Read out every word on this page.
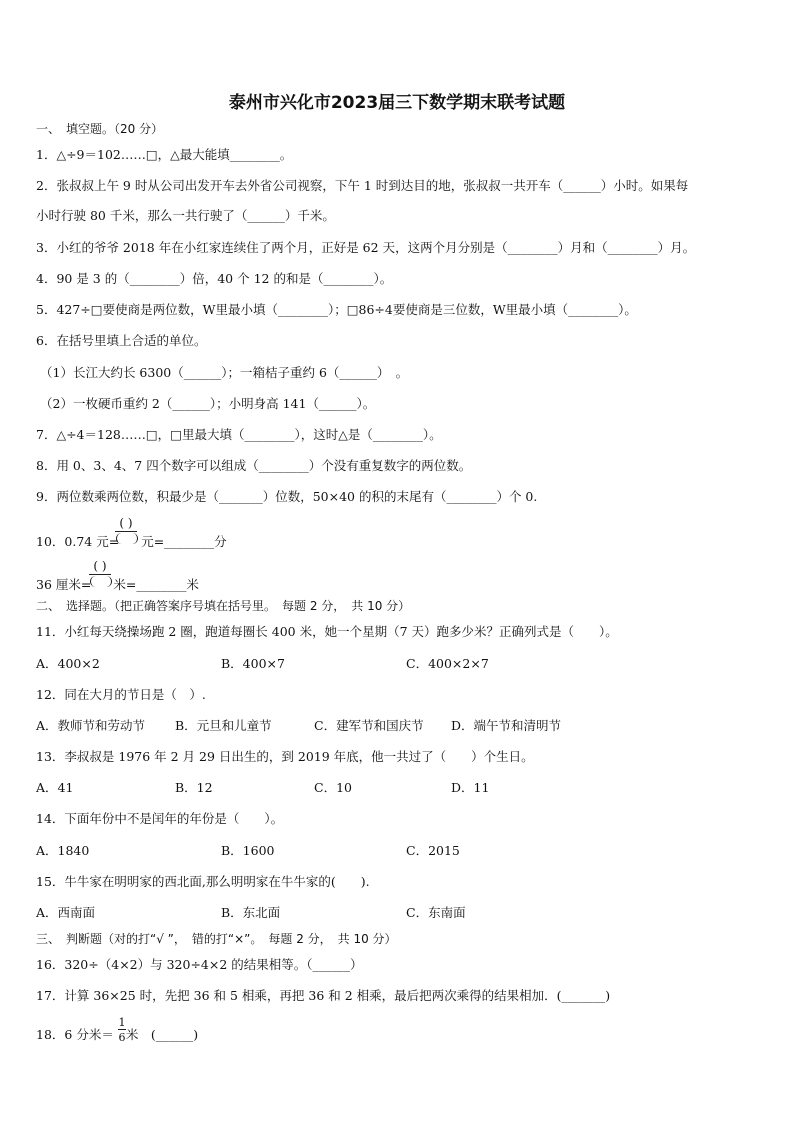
泰州市兴化市2023届三下数学期末联考试题
一、　填空题。（20 分）
1．△÷9＝102……□，△最大能填________。
2．张叔叔上午 9 时从公司出发开车去外省公司视察，下午 1 时到达目的地，张叔叔一共开车（______）小时。如果每
小时行驶 80 千米，那么一共行驶了（______）千米。
3．小红的爷爷 2018 年在小红家连续住了两个月，正好是 62 天，这两个月分别是（________）月和（________）月。
4．90 是 3 的（________）倍，40 个 12 的和是（________）。
5．427÷□要使商是两位数，W里最小填（________）；□86÷4要使商是三位数，W里最小填（________）。
6．在括号里填上合适的单位。
（1）长江大约长 6300（______）；一箱桔子重约 6（______）　。
（2）一枚硬币重约 2（______）；小明身高 141（______）。
7．△÷4＝128……□，□里最大填（________），这时△是（________）。
8．用 0、3、4、7 四个数字可以组成（________）个没有重复数字的两位数。
9．两位数乘两位数，积最少是（_______）位数，50×40 的积的末尾有（________）个 0.
10．0.74 元= 元=________分
( )
36 厘米= 米=________米
( )
二、　选择题。（把正确答案序号填在括号里。　每题 2 分，　共 10 分）
11．小红每天绕操场跑 2 圈，跑道每圈长 400 米，她一个星期（7 天）跑多少米？正确列式是（　　）。
A．400×2	B．400×7	C．400×2×7
12．同在大月的节日是（　）.
A．教师节和劳动节 B．元旦和儿童节	C．建军节和国庆节 D．端午节和清明节
13．李叔叔是 1976 年 2 月 29 日出生的，到 2019 年底，他一共过了（　　）个生日。
A．41	B．12	C．10	D．11
14．下面年份中不是闰年的年份是（　　）。
A．1840	B．1600	C．2015
15．牛牛家在明明家的西北面,那么明明家在牛牛家的(　　).
A．西南面	B．东北面	C．东南面
三、　判断题（对的打“√ ”，　错的打“×”。　每题 2 分，　共 10 分）
16．320÷（4×2）与 320÷4×2 的结果相等。（______）
17．计算 36×25 时，先把 36 和 5 相乘，再把 36 和 2 相乘，最后把两次乘得的结果相加．(_______)
18．6 分米＝ 米　(______)
1
6
